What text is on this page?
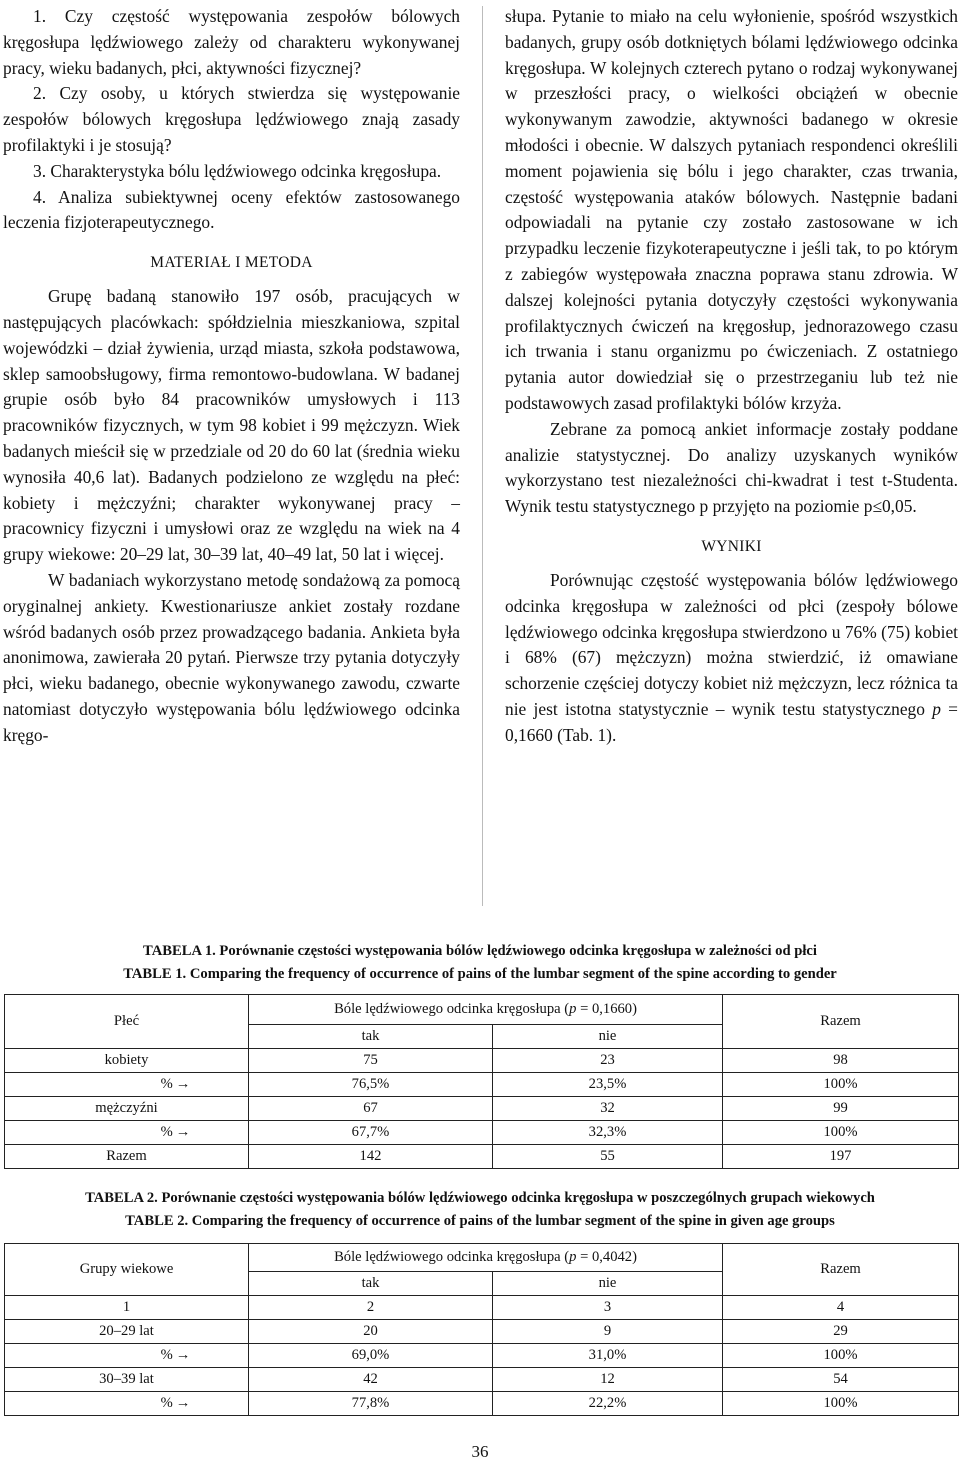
1. Czy częstość występowania zespołów bólowych kręgosłupa lędźwiowego zależy od charakteru wykonywanej pracy, wieku badanych, płci, aktywności fizycznej?

2. Czy osoby, u których stwierdza się występowanie zespołów bólowych kręgosłupa lędźwiowego znają zasady profilaktyki i je stosują?

3. Charakterystyka bólu lędźwiowego odcinka kręgosłupa.

4. Analiza subiektywnej oceny efektów zastosowanego leczenia fizjoterapeutycznego.

MATERIAŁ I METODA

Grupę badaną stanowiło 197 osób, pracujących w następujących placówkach: spółdzielnia mieszkaniowa, szpital wojewódzki – dział żywienia, urząd miasta, szkoła podstawowa, sklep samoobsługowy, firma remontowo-budowlana. W badanej grupie osób było 84 pracowników umysłowych i 113 pracowników fizycznych, w tym 98 kobiet i 99 mężczyzn. Wiek badanych mieścił się w przedziale od 20 do 60 lat (średnia wieku wynosiła 40,6 lat). Badanych podzielono ze względu na płeć: kobiety i mężczyźni; charakter wykonywanej pracy – pracownicy fizyczni i umysłowi oraz ze względu na wiek na 4 grupy wiekowe: 20–29 lat, 30–39 lat, 40–49 lat, 50 lat i więcej.

W badaniach wykorzystano metodę sondażową za pomocą oryginalnej ankiety. Kwestionariusze ankiet zostały rozdane wśród badanych osób przez prowadzącego badania. Ankieta była anonimowa, zawierała 20 pytań. Pierwsze trzy pytania dotyczyły płci, wieku badanego, obecnie wykonywanego zawodu, czwarte natomiast dotyczyło występowania bólu lędźwiowego odcinka kręgo-

słupa. Pytanie to miało na celu wyłonienie, spośród wszystkich badanych, grupy osób dotkniętych bólami lędźwiowego odcinka kręgosłupa. W kolejnych czterech pytano o rodzaj wykonywanej w przeszłości pracy, o wielkości obciążeń w obecnie wykonywanym zawodzie, aktywności badanego w okresie młodości i obecnie. W dalszych pytaniach respondenci określili moment pojawienia się bólu i jego charakter, czas trwania, częstość występowania ataków bólowych. Następnie badani odpowiadali na pytanie czy zostało zastosowane w ich przypadku leczenie fizykoterapeutyczne i jeśli tak, to po którym z zabiegów występowała znaczna poprawa stanu zdrowia. W dalszej kolejności pytania dotyczyły częstości wykonywania profilaktycznych ćwiczeń na kręgosłup, jednorazowego czasu ich trwania i stanu organizmu po ćwiczeniach. Z ostatniego pytania autor dowiedział się o przestrzeganiu lub też nie podstawowych zasad profilaktyki bólów krzyża.

Zebrane za pomocą ankiet informacje zostały poddane analizie statystycznej. Do analizy uzyskanych wyników wykorzystano test niezależności chi-kwadrat i test t-Studenta. Wynik testu statystycznego p przyjęto na poziomie p≤0,05.

WYNIKI

Porównując częstość występowania bólów lędźwiowego odcinka kręgosłupa w zależności od płci (zespoły bólowe lędźwiowego odcinka kręgosłupa stwierdzono u 76% (75) kobiet i 68% (67) mężczyzn) można stwierdzić, iż omawiane schorzenie częściej dotyczy kobiet niż mężczyzn, lecz różnica ta nie jest istotna statystycznie – wynik testu statystycznego p = 0,1660 (Tab. 1).

TABELA 1. Porównanie częstości występowania bólów lędźwiowego odcinka kręgosłupa w zależności od płci
TABLE 1. Comparing the frequency of occurrence of pains of the lumbar segment of the spine according to gender
Płeć	Bóle lędźwiowego odcinka kręgosłupa (p = 0,1660)		Razem
	tak	nie	
kobiety	75	23	98
% →	76,5%	23,5%	100%
mężczyźni	67	32	99
% →	67,7%	32,3%	100%
Razem	142	55	197
TABELA 2. Porównanie częstości występowania bólów lędźwiowego odcinka kręgosłupa w poszczególnych grupach wiekowych
TABLE 2. Comparing the frequency of occurrence of pains of the lumbar segment of the spine in given age groups
Grupy wiekowe	Bóle lędźwiowego odcinka kręgosłupa (p = 0,4042)		Razem
	tak	nie	
1	2	3	4
20–29 lat	20	9	29
% →	69,0%	31,0%	100%
30–39 lat	42	12	54
% →	77,8%	22,2%	100%
36
